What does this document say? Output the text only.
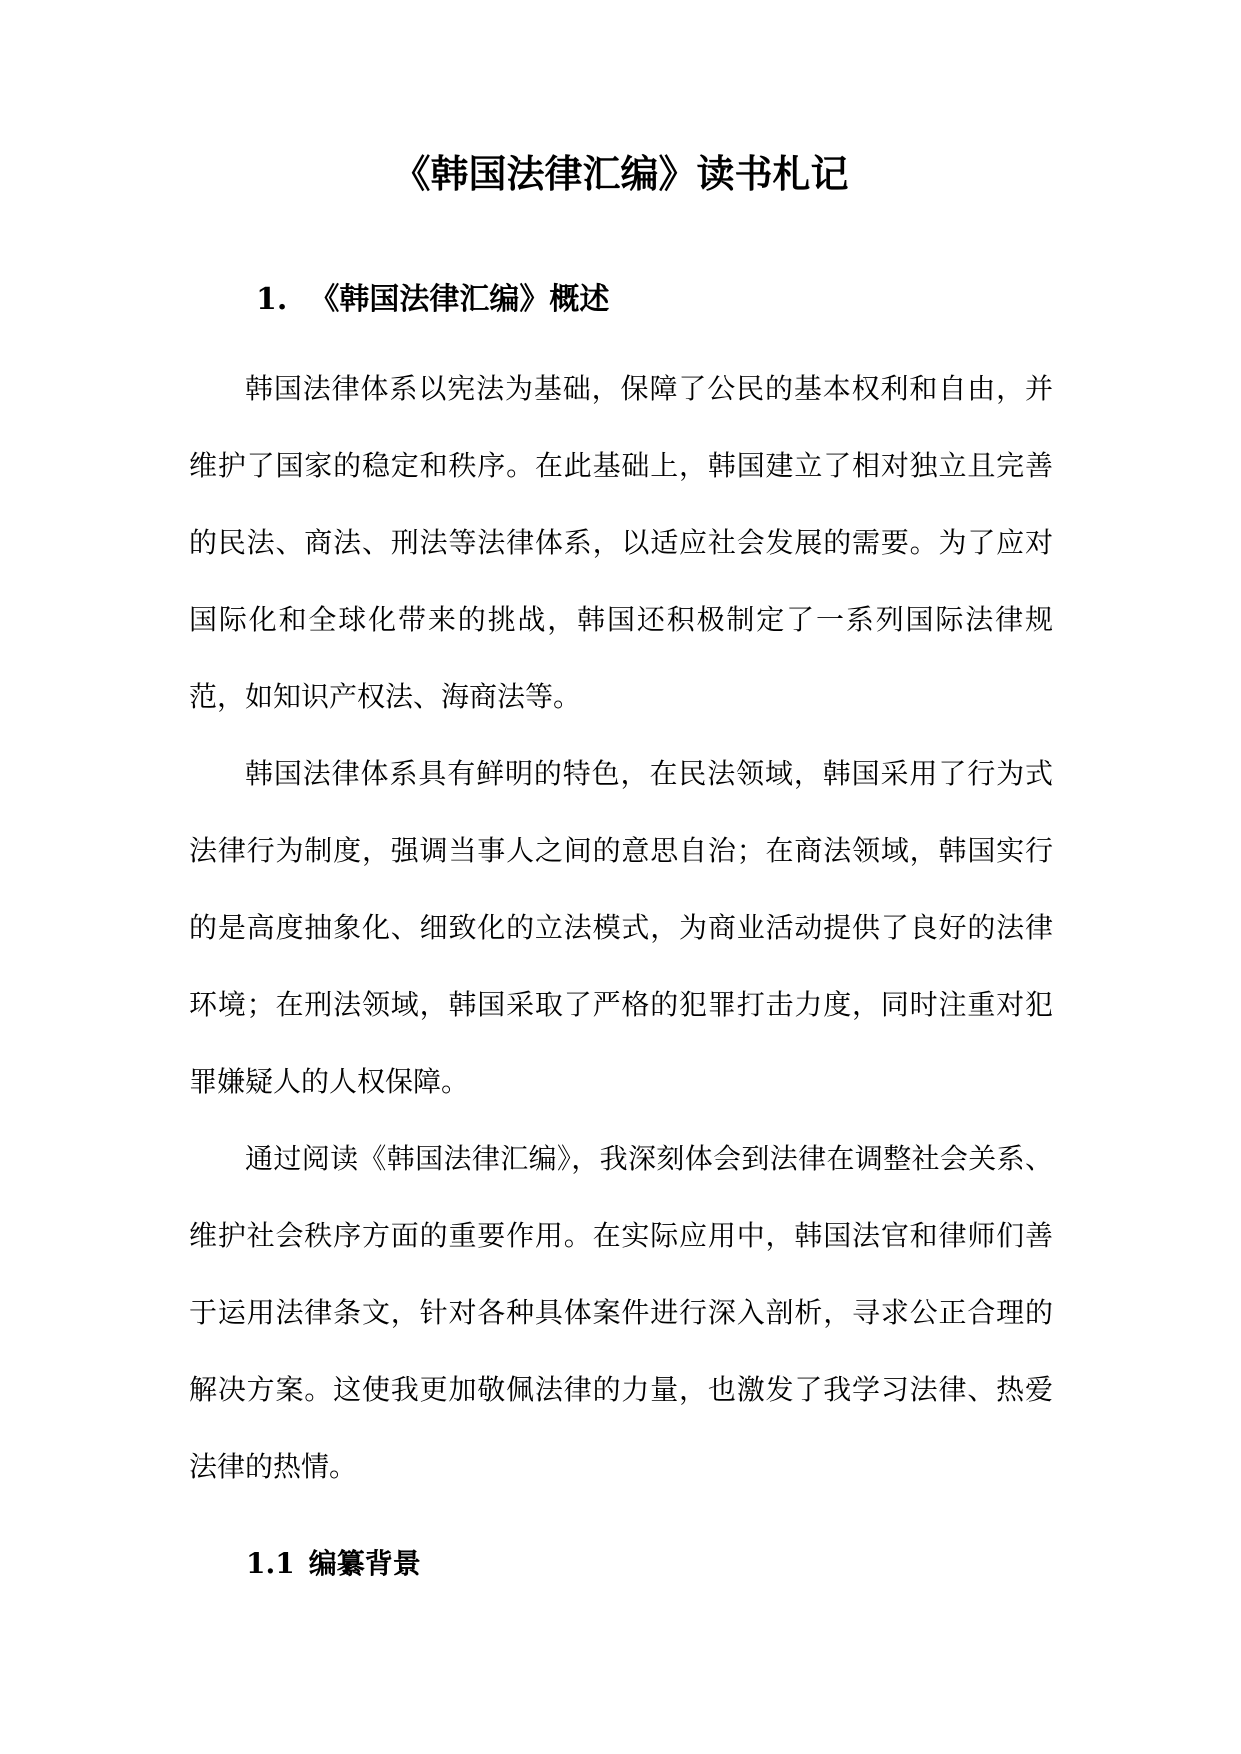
《韩国法律汇编》读书札记
1. 《韩国法律汇编》概述

韩国法律体系以宪法为基础，保障了公民的基本权利和自由，并维护了国家的稳定和秩序。在此基础上，韩国建立了相对独立且完善的民法、商法、刑法等法律体系，以适应社会发展的需要。为了应对国际化和全球化带来的挑战，韩国还积极制定了一系列国际法律规范，如知识产权法、海商法等。

韩国法律体系具有鲜明的特色，在民法领域，韩国采用了行为式法律行为制度，强调当事人之间的意思自治；在商法领域，韩国实行的是高度抽象化、细致化的立法模式，为商业活动提供了良好的法律环境；在刑法领域，韩国采取了严格的犯罪打击力度，同时注重对犯罪嫌疑人的人权保障。

通过阅读《韩国法律汇编》，我深刻体会到法律在调整社会关系、维护社会秩序方面的重要作用。在实际应用中，韩国法官和律师们善于运用法律条文，针对各种具体案件进行深入剖析，寻求公正合理的解决方案。这使我更加敬佩法律的力量，也激发了我学习法律、热爱法律的热情。

1.1 编纂背景
